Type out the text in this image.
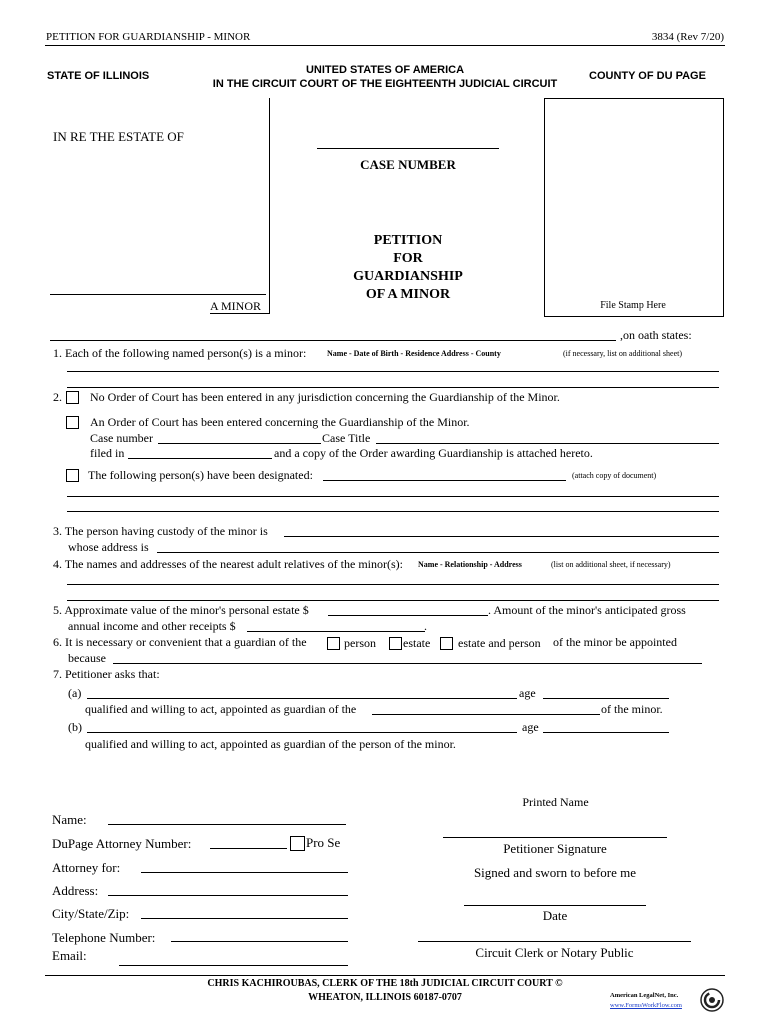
PETITION FOR GUARDIANSHIP - MINOR	3834 (Rev 7/20)
STATE OF ILLINOIS	UNITED STATES OF AMERICA
IN THE CIRCUIT COURT OF THE EIGHTEENTH JUDICIAL CIRCUIT
COUNTY OF DU PAGE
IN RE THE ESTATE OF
A MINOR
CASE NUMBER
PETITION
FOR
GUARDIANSHIP
OF A MINOR
File Stamp Here
,on oath states:
1. Each of the following named person(s) is a minor:	Name - Date of Birth - Residence Address - County	(if necessary, list on additional sheet)
2. No Order of Court has been entered in any jurisdiction concerning the Guardianship of the Minor.
An Order of Court has been entered concerning the Guardianship of the Minor.
Case number	Case Title
filed in	and a copy of the Order awarding Guardianship is attached hereto.
The following person(s) have been designated:	(attach copy of document)
3. The person having custody of the minor is
whose address is
4. The names and addresses of the nearest adult relatives of the minor(s): Name - Relationship - Address	(list on additional sheet, if necessary)
5. Approximate value of the minor's personal estate $	. Amount of the minor's anticipated gross
annual income and other receipts $	.
6. It is necessary or convenient that a guardian of the	person estate estate and person of the minor be appointed
because
7. Petitioner asks that:
(a)	age
qualified and willing to act, appointed as guardian of the	of the minor.
(b)	age
qualified and willing to act, appointed as guardian of the person of the minor.
Name:
DuPage Attorney Number:	Pro Se
Attorney for:
Address:
City/State/Zip:
Telephone Number:
Email:
Printed Name
Petitioner Signature
Signed and sworn to before me
Date
Circuit Clerk or Notary Public
CHRIS KACHIROUBAS, CLERK OF THE 18th JUDICIAL CIRCUIT COURT ©
WHEATON, ILLINOIS 60187-0707	American LegalNet, Inc.
www.FormsWorkFlow.com
